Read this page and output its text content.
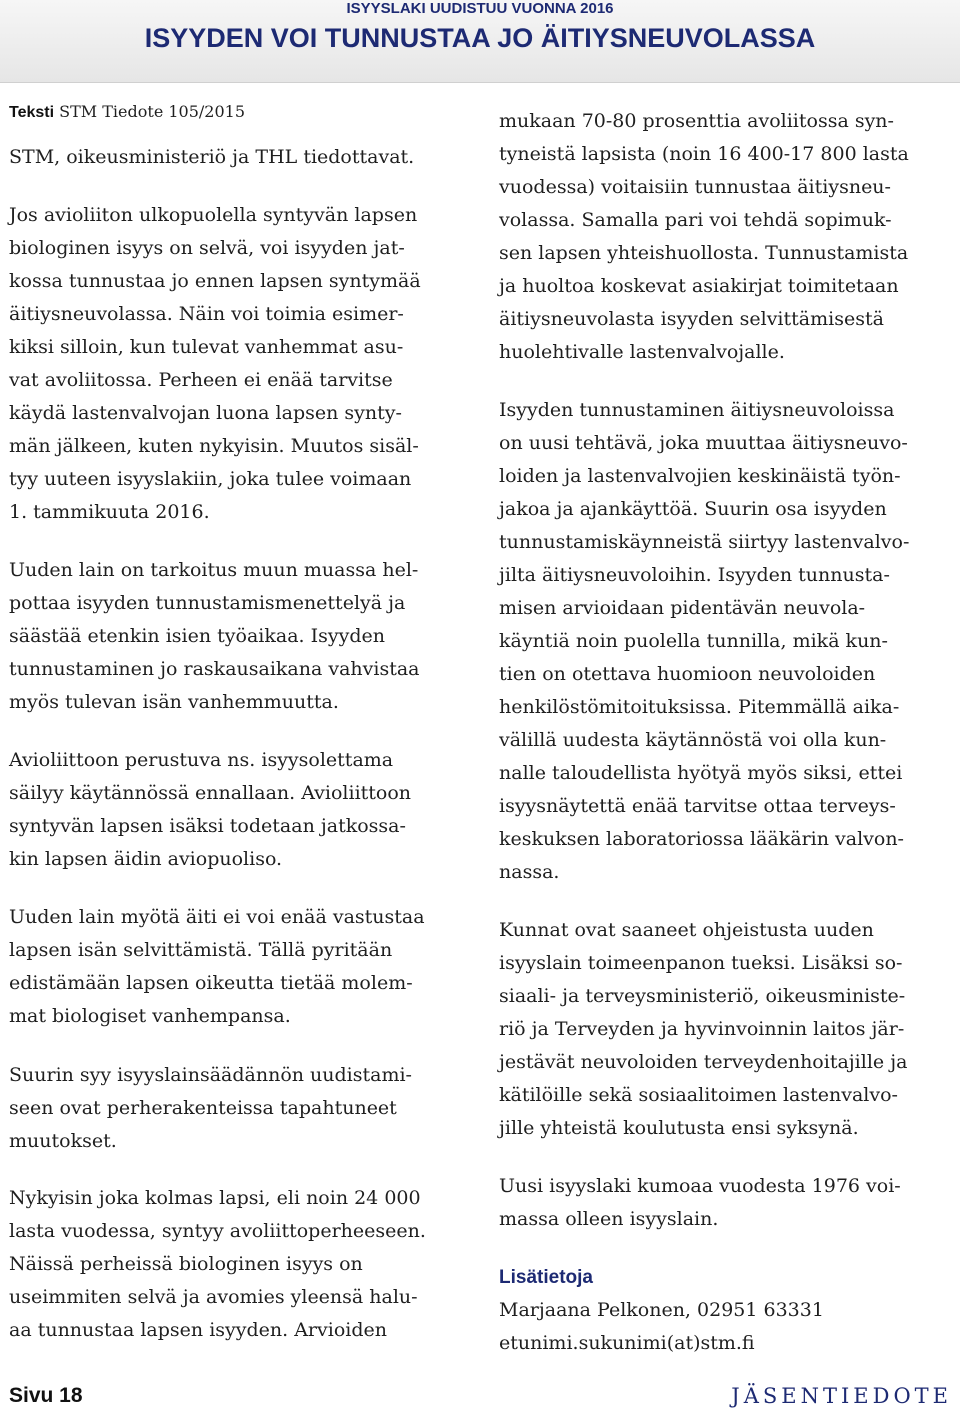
ISYYSLAKI UUDISTUU VUONNA 2016
ISYYDEN VOI TUNNUSTAA JO ÄITIYSNEUVOLASSA
Teksti STM Tiedote 105/2015
STM, oikeusministeriö ja THL tiedottavat.
Jos avioliiton ulkopuolella syntyvän lapsen
biologinen isyys on selvä, voi isyyden jat-
kossa tunnustaa jo ennen lapsen syntymää
äitiysneuvolassa. Näin voi toimia esimer-
kiksi silloin, kun tulevat vanhemmat asu-
vat avoliitossa. Perheen ei enää tarvitse
käydä lastenvalvojan luona lapsen synty-
män jälkeen, kuten nykyisin. Muutos sisäl-
tyy uuteen isyyslakiin, joka tulee voimaan
1. tammikuuta 2016.
Uuden lain on tarkoitus muun muassa hel-
pottaa isyyden tunnustamismenettelyä ja
säästää etenkin isien työaikaa. Isyyden
tunnustaminen jo raskausaikana vahvistaa
myös tulevan isän vanhemmuutta.
Avioliittoon perustuva ns. isyysolettama
säilyy käytännössä ennallaan. Avioliittoon
syntyvän lapsen isäksi todetaan jatkossa-
kin lapsen äidin aviopuoliso.
Uuden lain myötä äiti ei voi enää vastustaa
lapsen isän selvittämistä. Tällä pyritään
edistämään lapsen oikeutta tietää molem-
mat biologiset vanhempansa.
Suurin syy isyyslainsäädännön uudistami-
seen ovat perherakenteissa tapahtuneet
muutokset.
Nykyisin joka kolmas lapsi, eli noin 24 000
lasta vuodessa, syntyy avoliittoperheeseen.
Näissä perheissä biologinen isyys on
useimmiten selvä ja avomies yleensä halu-
aa tunnustaa lapsen isyyden. Arvioiden
mukaan 70-80 prosenttia avoliitossa syn-
tyneistä lapsista (noin 16 400-17 800 lasta
vuodessa) voitaisiin tunnustaa äitiysneu-
volassa. Samalla pari voi tehdä sopimuk-
sen lapsen yhteishuollosta. Tunnustamista
ja huoltoa koskevat asiakirjat toimitetaan
äitiysneuvolasta isyyden selvittämisestä
huolehtivalle lastenvalvojalle.
Isyyden tunnustaminen äitiysneuvoloissa
on uusi tehtävä, joka muuttaa äitiysneuvo-
loiden ja lastenvalvojien keskinäistä työn-
jakoa ja ajankäyttöä. Suurin osa isyyden
tunnustamiskäynneistä siirtyy lastenvalvo-
jilta äitiysneuvoloihin. Isyyden tunnusta-
misen arvioidaan pidentävän neuvola-
käyntiä noin puolella tunnilla, mikä kun-
tien on otettava huomioon neuvoloiden
henkilöstömitoituksissa. Pitemmällä aika-
välillä uudesta käytännöstä voi olla kun-
nalle taloudellista hyötyä myös siksi, ettei
isyysnäytettä enää tarvitse ottaa terveys-
keskuksen laboratoriossa lääkärin valvon-
nassa.
Kunnat ovat saaneet ohjeistusta uuden
isyyslain toimeenpanon tueksi. Lisäksi so-
siaali- ja terveysministeriö, oikeusministe-
riö ja Terveyden ja hyvinvoinnin laitos jär-
jestävät neuvoloiden terveydenhoitajille ja
kätilöille sekä sosiaalitoimen lastenvalvo-
jille yhteistä koulutusta ensi syksynä.
Uusi isyyslaki kumoaa vuodesta 1976 voi-
massa olleen isyyslain.
Lisätietoja
Marjaana Pelkonen, 02951 63331
etunimi.sukunimi(at)stm.fi
Sivu 18	JÄSENTIEDOTE
